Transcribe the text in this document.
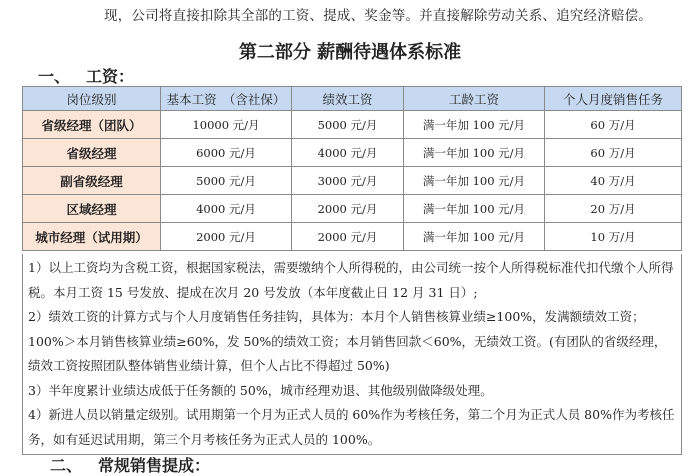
现，公司将直接扣除其全部的工资、提成、奖金等。并直接解除劳动关系、追究经济赔偿。
第二部分 薪酬待遇体系标准
一、 工资：
岗位级别	基本工资　（含社保）	绩效工资	工龄工资	个人月度销售任务
省级经理（团队）	10000 元/月	5000 元/月	满一年加 100 元/月	60 万/月
省级经理	6000 元/月	4000 元/月	满一年加 100 元/月	60 万/月
副省级经理	5000 元/月	3000 元/月	满一年加 100 元/月	40 万/月
区域经理	4000 元/月	2000 元/月	满一年加 100 元/月	20 万/月
城市经理（试用期）	2000 元/月	2000 元/月	满一年加 100 元/月	10 万/月

1）以上工资均为含税工资，根据国家税法，需要缴纳个人所得税的，由公司统一按个人所得税标准代扣代缴个人所得税。本月工资 15 号发放、提成在次月 20 号发放（本年度截止日 12 月 31 日）;

2）绩效工资的计算方式与个人月度销售任务挂钩，具体为：本月个人销售核算业绩≥100%，发满额绩效工资；100%＞本月销售核算业绩≥60%，发 50%的绩效工资；本月销售回款＜60%，无绩效工资。(有团队的省级经理，绩效工资按照团队整体销售业绩计算，但个人占比不得超过 50%)

3）半年度累计业绩达成低于任务额的 50%，城市经理劝退、其他级别做降级处理。

4）新进人员以销量定级别。试用期第一个月为正式人员的 60%作为考核任务，第二个月为正式人员 80%作为考核任务，如有延迟试用期，第三个月考核任务为正式人员的 100%。

二、 常规销售提成：
